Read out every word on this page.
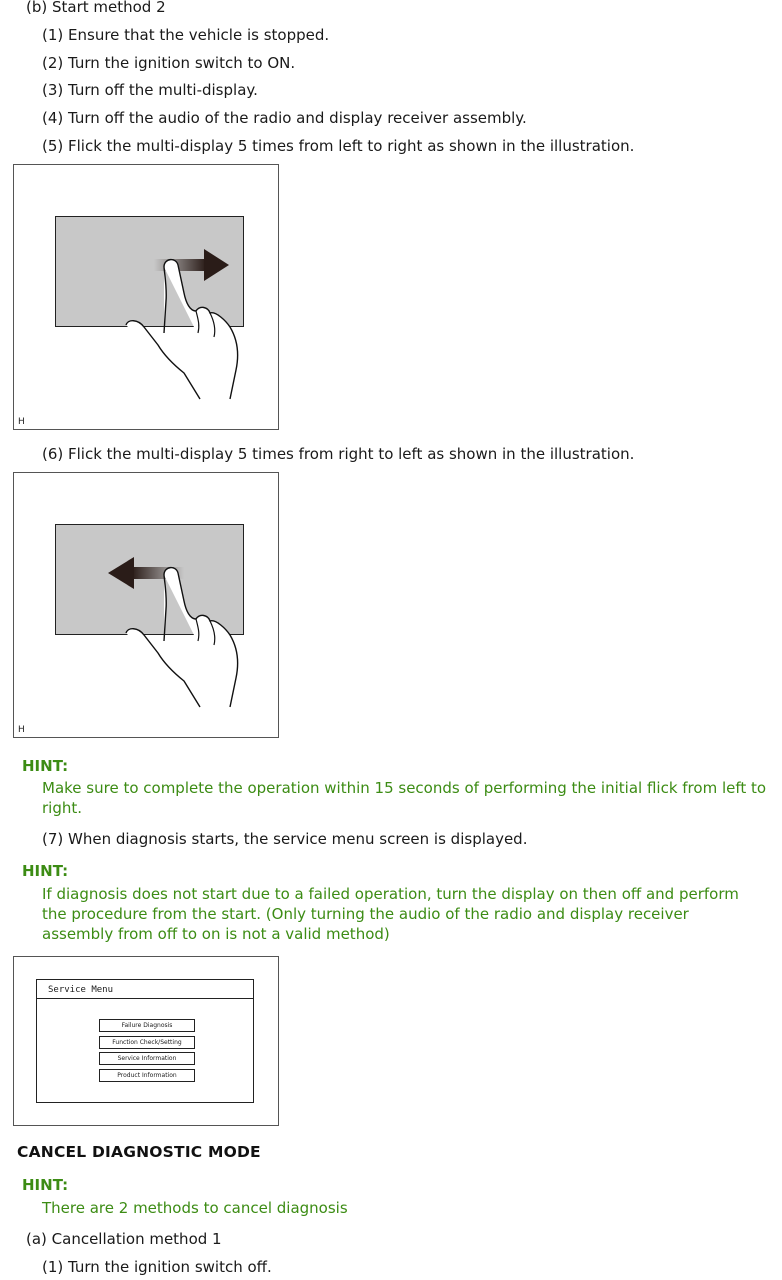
(b) Start method 2
(1) Ensure that the vehicle is stopped.
(2) Turn the ignition switch to ON.
(3) Turn off the multi-display.
(4) Turn off the audio of the radio and display receiver assembly.
(5) Flick the multi-display 5 times from left to right as shown in the illustration.
H
(6) Flick the multi-display 5 times from right to left as shown in the illustration.
H
HINT:
Make sure to complete the operation within 15 seconds of performing the initial flick from left to right.
(7) When diagnosis starts, the service menu screen is displayed.
HINT:
If diagnosis does not start due to a failed operation, turn the display on then off and perform the procedure from the start. (Only turning the audio of the radio and display receiver assembly from off to on is not a valid method)
Service Menu
Failure Diagnosis
Function Check/Setting
Service Information
Product Information
CANCEL DIAGNOSTIC MODE
HINT:
There are 2 methods to cancel diagnosis
(a) Cancellation method 1
(1) Turn the ignition switch off.
